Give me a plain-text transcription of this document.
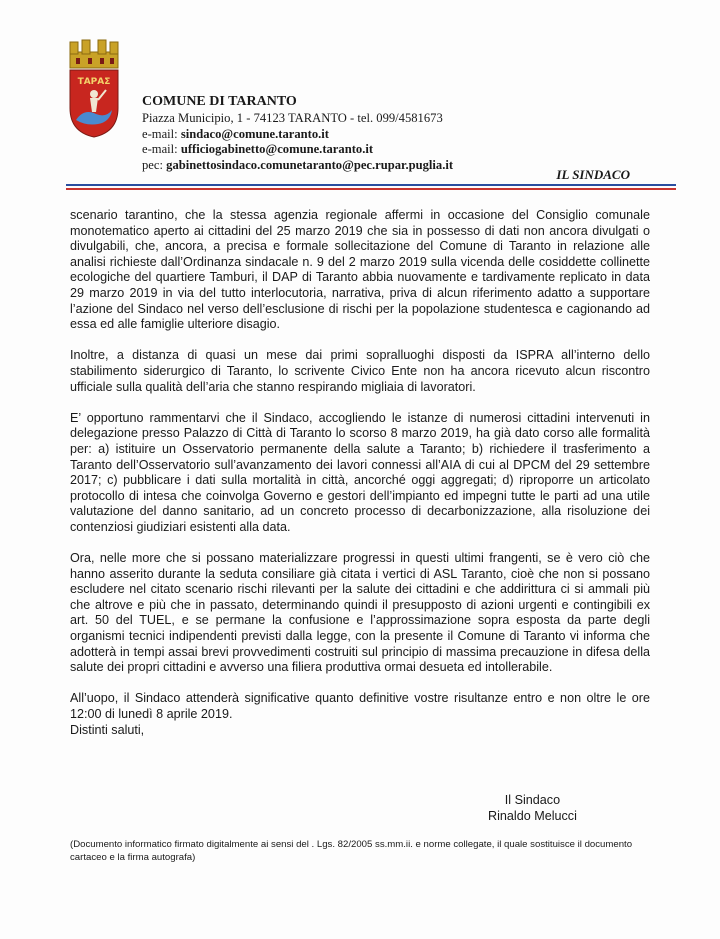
ΤΑΡΑΣ
COMUNE DI TARANTO
Piazza Municipio, 1 - 74123 TARANTO - tel. 099/4581673
e-mail: sindaco@comune.taranto.it
e-mail: ufficiogabinetto@comune.taranto.it
pec: gabinettosindaco.comunetaranto@pec.rupar.puglia.it
IL SINDACO

scenario tarantino, che la stessa agenzia regionale affermi in occasione del Consiglio comunale monotematico aperto ai cittadini del 25 marzo 2019 che sia in possesso di dati non ancora divulgati o divulgabili, che, ancora, a precisa e formale sollecitazione del Comune di Taranto in relazione alle analisi richieste dall’Ordinanza sindacale n. 9 del 2 marzo 2019 sulla vicenda delle cosiddette collinette ecologiche del quartiere Tamburi, il DAP di Taranto abbia nuovamente e tardivamente replicato in data 29 marzo 2019 in via del tutto interlocutoria, narrativa, priva di alcun riferimento adatto a supportare l’azione del Sindaco nel verso dell’esclusione di rischi per la popolazione studentesca e cagionando ad essa ed alle famiglie ulteriore disagio.

Inoltre, a distanza di quasi un mese dai primi sopralluoghi disposti da ISPRA all’interno dello stabilimento siderurgico di Taranto, lo scrivente Civico Ente non ha ancora ricevuto alcun riscontro ufficiale sulla qualità dell’aria che stanno respirando migliaia di lavoratori.

E’ opportuno rammentarvi che il Sindaco, accogliendo le istanze di numerosi cittadini intervenuti in delegazione presso Palazzo di Città di Taranto lo scorso 8 marzo 2019, ha già dato corso alle formalità per: a) istituire un Osservatorio permanente della salute a Taranto; b) richiedere il trasferimento a Taranto dell’Osservatorio sull’avanzamento dei lavori connessi all’AIA di cui al DPCM del 29 settembre 2017; c) pubblicare i dati sulla mortalità in città, ancorché oggi aggregati; d) riproporre un articolato protocollo di intesa che coinvolga Governo e gestori dell’impianto ed impegni tutte le parti ad una utile valutazione del danno sanitario, ad un concreto processo di decarbonizzazione, alla risoluzione dei contenziosi giudiziari esistenti alla data.

Ora, nelle more che si possano materializzare progressi in questi ultimi frangenti, se è vero ciò che hanno asserito durante la seduta consiliare già citata i vertici di ASL Taranto, cioè che non si possano escludere nel citato scenario rischi rilevanti per la salute dei cittadini e che addirittura ci si ammali più che altrove e più che in passato, determinando quindi il presupposto di azioni urgenti e contingibili ex art. 50 del TUEL, e se permane la confusione e l’approssimazione sopra esposta da parte degli organismi tecnici indipendenti previsti dalla legge, con la presente il Comune di Taranto vi informa che adotterà in tempi assai brevi provvedimenti costruiti sul principio di massima precauzione in difesa della salute dei propri cittadini e avverso una filiera produttiva ormai desueta ed intollerabile.

All’uopo, il Sindaco attenderà significative quanto definitive vostre risultanze entro e non oltre le ore 12:00 di lunedì 8 aprile 2019.

Distinti saluti,

Il Sindaco
Rinaldo Melucci
(Documento informatico firmato digitalmente ai sensi del . Lgs. 82/2005 ss.mm.ii. e norme collegate, il quale sostituisce il documento cartaceo e la firma autografa)
